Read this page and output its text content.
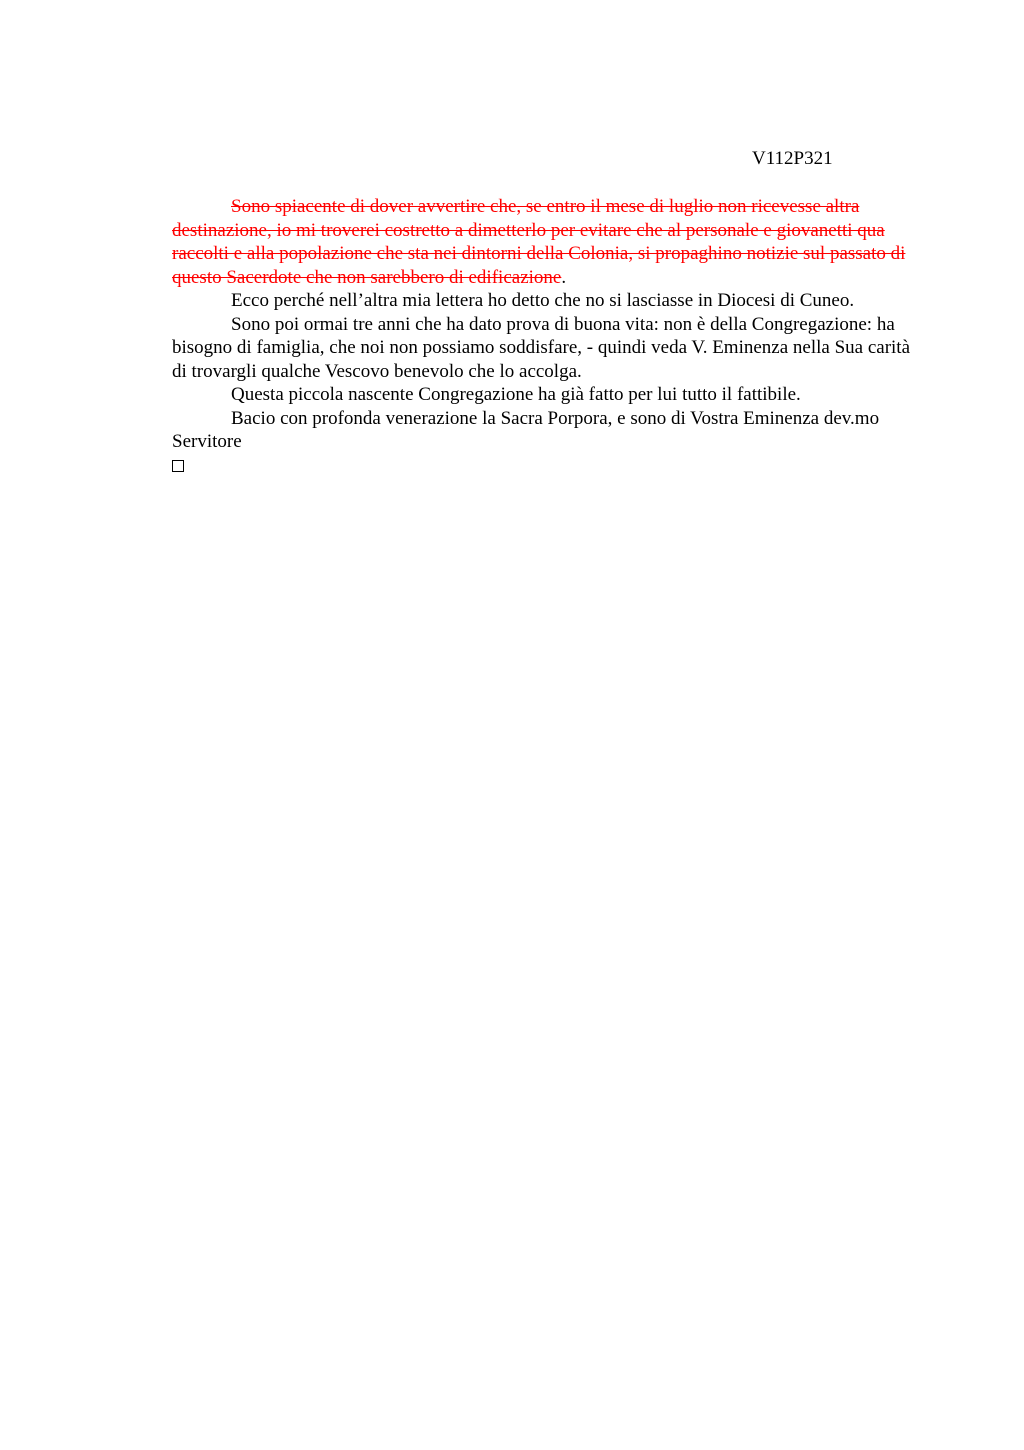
V112P321

Sono spiacente di dover avvertire che, se entro il mese di luglio non ricevesse altra destinazione, io mi troverei costretto a dimetterlo per evitare che al personale e giovanetti qua raccolti e alla popolazione che sta nei dintorni della Colonia, si propaghino notizie sul passato di questo Sacerdote che non sarebbero di edificazione.

Ecco perché nell’altra mia lettera ho detto che no si lasciasse in Diocesi di Cuneo.

Sono poi ormai tre anni che ha dato prova di buona vita: non è della Congregazione: ha bisogno di famiglia, che noi non possiamo soddisfare, - quindi veda V. Eminenza nella Sua carità di trovargli qualche Vescovo benevolo che lo accolga.

Questa piccola nascente Congregazione ha già fatto per lui tutto il fattibile.

Bacio con profonda venerazione la Sacra Porpora, e sono di Vostra Eminenza dev.mo Servitore
